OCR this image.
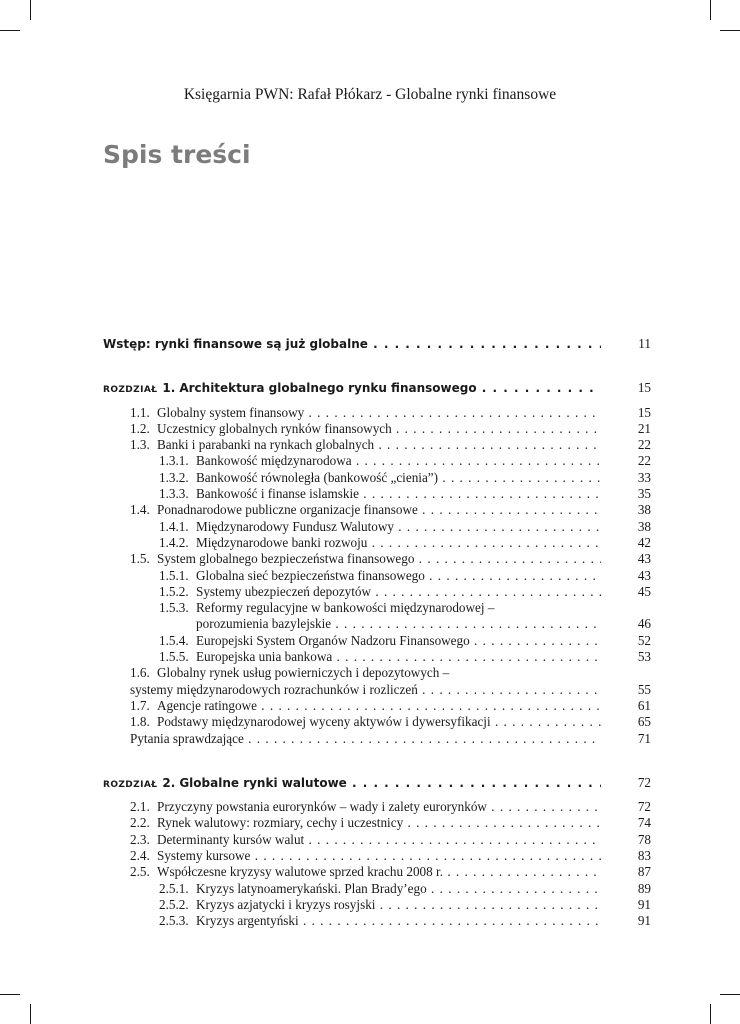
Księgarnia PWN: Rafał Płókarz - Globalne rynki finansowe
Spis treści
Wstęp: rynki finansowe są już globalne . . .	11
ROZDZIAŁ 1. Architektura globalnego rynku finansowego . . .	15
1.1. Globalny system finansowy . . .	15
1.2. Uczestnicy globalnych rynków finansowych . . .	21
1.3. Banki i parabanki na rynkach globalnych . . .	22
1.3.1. Bankowość międzynarodowa . . .	22
1.3.2. Bankowość równoległa (bankowość „cienia”) . . .	33
1.3.3. Bankowość i finanse islamskie . . .	35
1.4. Ponadnarodowe publiczne organizacje finansowe . . .	38
1.4.1. Międzynarodowy Fundusz Walutowy . . .	38
1.4.2. Międzynarodowe banki rozwoju . . .	42
1.5. System globalnego bezpieczeństwa finansowego . . .	43
1.5.1. Globalna sieć bezpieczeństwa finansowego . . .	43
1.5.2. Systemy ubezpieczeń depozytów . . .	45
1.5.3. Reformy regulacyjne w bankowości międzynarodowej –
porozumienia bazylejskie . . .	46
1.5.4. Europejski System Organów Nadzoru Finansowego . . .	52
1.5.5. Europejska unia bankowa . . .	53
1.6. Globalny rynek usług powierniczych i depozytowych –
systemy międzynarodowych rozrachunków i rozliczeń . . .	55
1.7. Agencje ratingowe . . .	61
1.8. Podstawy międzynarodowej wyceny aktywów i dywersyfikacji . . .	65
Pytania sprawdzające . . .	71
ROZDZIAŁ 2. Globalne rynki walutowe . . .	72
2.1. Przyczyny powstania eurorynków – wady i zalety eurorynków . . .	72
2.2. Rynek walutowy: rozmiary, cechy i uczestnicy . . .	74
2.3. Determinanty kursów walut . . .	78
2.4. Systemy kursowe . . .	83
2.5. Współczesne kryzysy walutowe sprzed krachu 2008 r. . . .	87
2.5.1. Kryzys latynoamerykański. Plan Brady’ego . . .	89
2.5.2. Kryzys azjatycki i kryzys rosyjski . . .	91
2.5.3. Kryzys argentyński . . .	91
